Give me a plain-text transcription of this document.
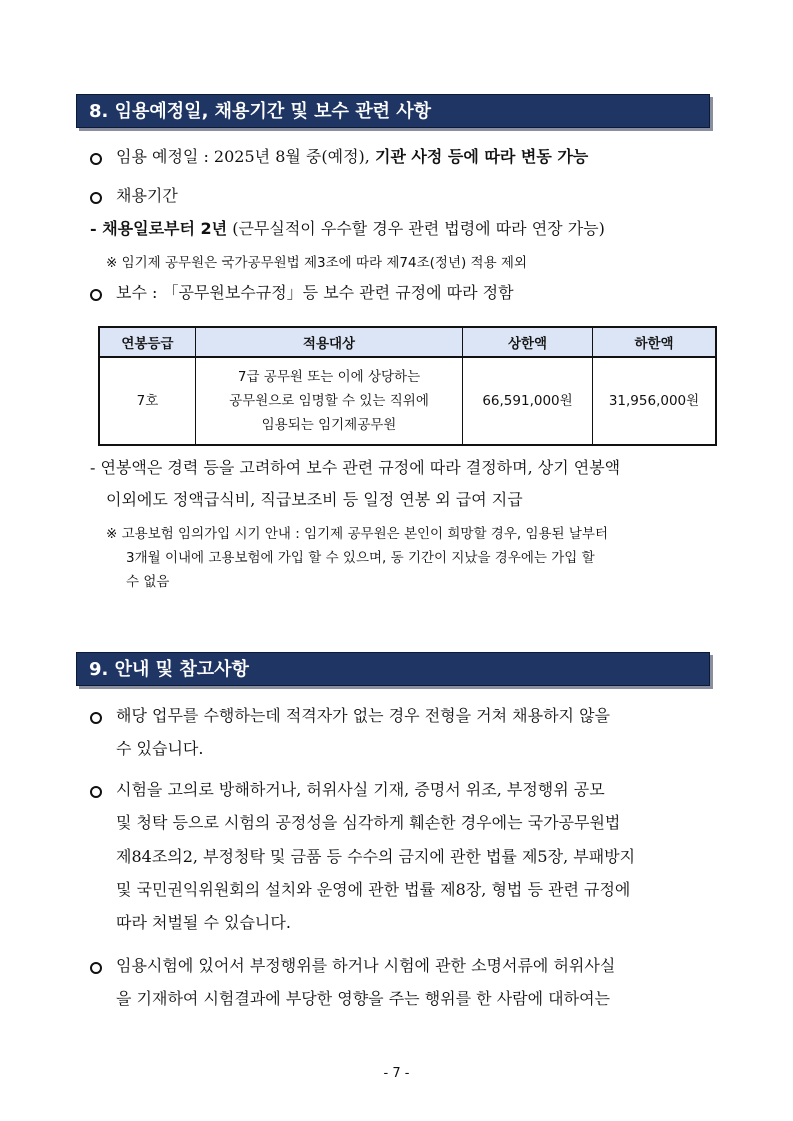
8. 임용예정일, 채용기간 및 보수 관련 사항
임용 예정일 : 2025년 8월 중(예정), 기관 사정 등에 따라 변동 가능
채용기간
- 채용일로부터 2년 (근무실적이 우수할 경우 관련 법령에 따라 연장 가능)
※ 임기제 공무원은 국가공무원법 제3조에 따라 제74조(정년) 적용 제외
보수 : 「공무원보수규정」등 보수 관련 규정에 따라 정함
연봉등급	적용대상	상한액	하한액
7호	7급 공무원 또는 이에 상당하는
공무원으로 임명할 수 있는 직위에
임용되는 임기제공무원	66,591,000원	31,956,000원
- 연봉액은 경력 등을 고려하여 보수 관련 규정에 따라 결정하며, 상기 연봉액
이외에도 정액급식비, 직급보조비 등 일정 연봉 외 급여 지급
※ 고용보험 임의가입 시기 안내 : 임기제 공무원은 본인이 희망할 경우, 임용된 날부터
3개월 이내에 고용보험에 가입 할 수 있으며, 동 기간이 지났을 경우에는 가입 할
수 없음
9. 안내 및 참고사항
해당 업무를 수행하는데 적격자가 없는 경우 전형을 거쳐 채용하지 않을
수 있습니다.
시험을 고의로 방해하거나, 허위사실 기재, 증명서 위조, 부정행위 공모
및 청탁 등으로 시험의 공정성을 심각하게 훼손한 경우에는 국가공무원법
제84조의2, 부정청탁 및 금품 등 수수의 금지에 관한 법률 제5장, 부패방지
및 국민권익위원회의 설치와 운영에 관한 법률 제8장, 형법 등 관련 규정에
따라 처벌될 수 있습니다.
임용시험에 있어서 부정행위를 하거나 시험에 관한 소명서류에 허위사실
을 기재하여 시험결과에 부당한 영향을 주는 행위를 한 사람에 대하여는
- 7 -
